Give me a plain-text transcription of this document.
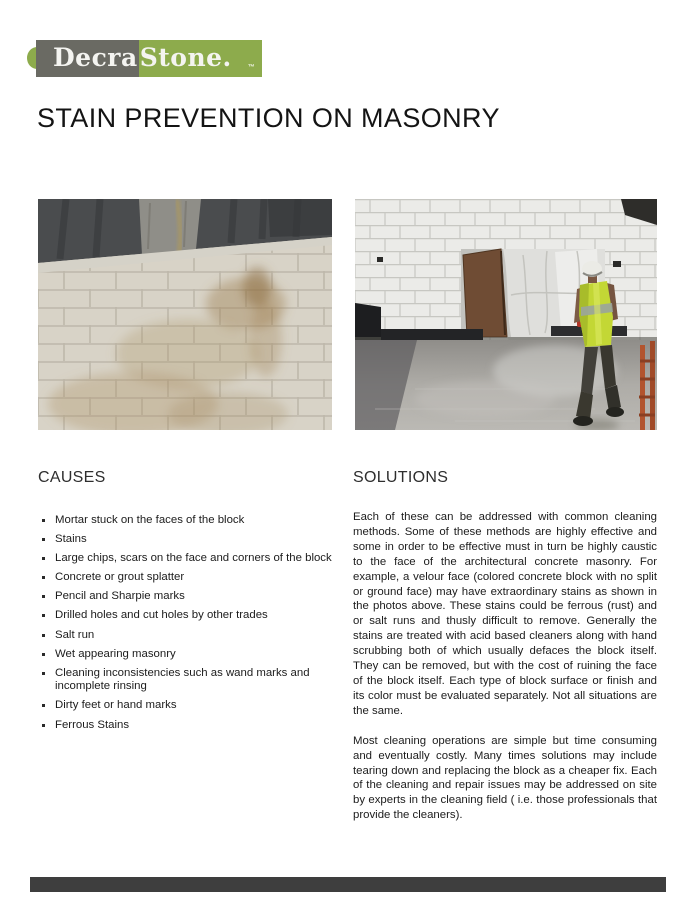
Decra Stone. ™
STAIN PREVENTION ON MASONRY
CAUSES
Mortar stuck on the faces of the block
Stains
Large chips, scars on the face and corners of the block
Concrete or grout splatter
Pencil and Sharpie marks
Drilled holes and cut holes by other trades
Salt run
Wet appearing masonry
Cleaning inconsistencies such as wand marks and incomplete rinsing
Dirty feet or hand marks
Ferrous Stains
SOLUTIONS

Each of these can be addressed with common cleaning methods. Some of these methods are highly effective and some in order to be effective must in turn be highly caustic to the face of the architectural concrete masonry. For example, a velour face (colored concrete block with no split or ground face) may have extraordinary stains as shown in the photos above. These stains could be ferrous (rust) and or salt runs and thusly difficult to remove. Generally the stains are treated with acid based cleaners along with hand scrubbing both of which usually defaces the block itself. They can be removed, but with the cost of ruining the face of the block itself. Each type of block surface or finish and its color must be evaluated separately. Not all situations are the same.

Most cleaning operations are simple but time consuming and eventually costly. Many times solutions may include tearing down and replacing the block as a cheaper fix. Each of the cleaning and repair issues may be addressed on site by experts in the cleaning field ( i.e. those professionals that provide the cleaners).
